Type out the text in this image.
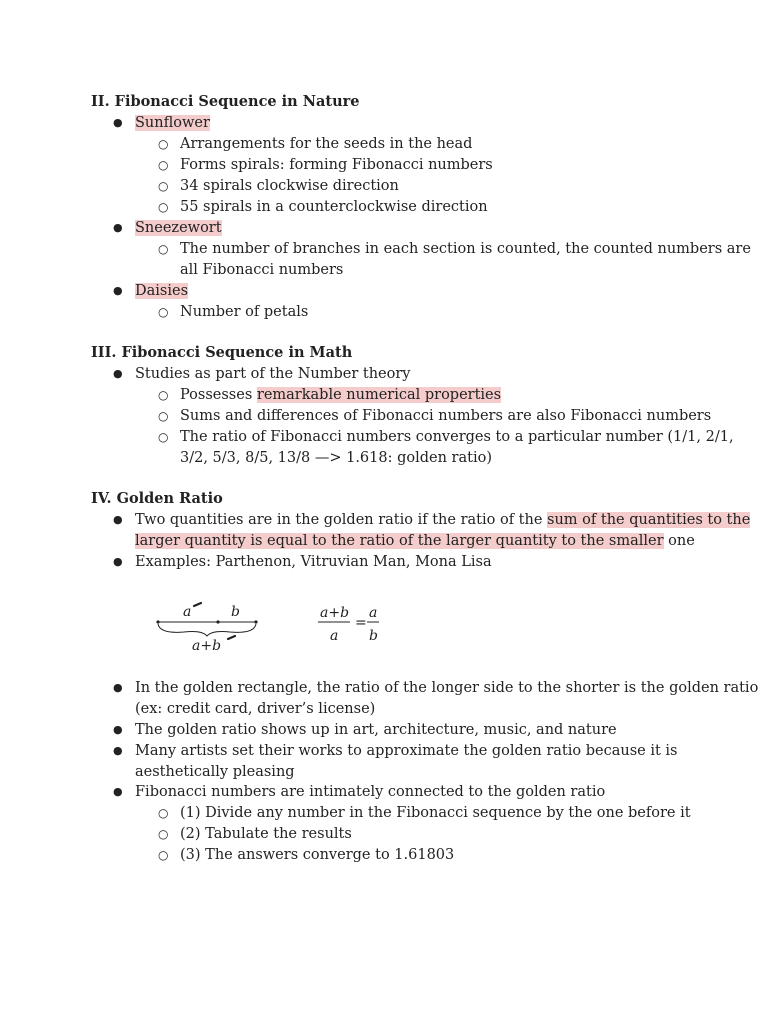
II. Fibonacci Sequence in Nature
● Sunflower
○ Arrangements for the seeds in the head
○ Forms spirals: forming Fibonacci numbers
○ 34 spirals clockwise direction
○ 55 spirals in a counterclockwise direction
● Sneezewort
○ The number of branches in each section is counted, the counted numbers are
all Fibonacci numbers
● Daisies
○ Number of petals
III. Fibonacci Sequence in Math
● Studies as part of the Number theory
○ Possesses remarkable numerical properties
○ Sums and differences of Fibonacci numbers are also Fibonacci numbers
○ The ratio of Fibonacci numbers converges to a particular number (1/1, 2/1,
3/2, 5/3, 8/5, 13/8 —> 1.618: golden ratio)
IV. Golden Ratio
● Two quantities are in the golden ratio if the ratio of the sum of the quantities to the
larger quantity is equal to the ratio of the larger quantity to the smaller one
● Examples: Parthenon, Vitruvian Man, Mona Lisa
a	b
a+b
a+b
a
=
a
b
● In the golden rectangle, the ratio of the longer side to the shorter is the golden ratio
(ex: credit card, driver’s license)
● The golden ratio shows up in art, architecture, music, and nature
● Many artists set their works to approximate the golden ratio because it is
aesthetically pleasing
● Fibonacci numbers are intimately connected to the golden ratio
○ (1) Divide any number in the Fibonacci sequence by the one before it
○ (2) Tabulate the results
○ (3) The answers converge to 1.61803
